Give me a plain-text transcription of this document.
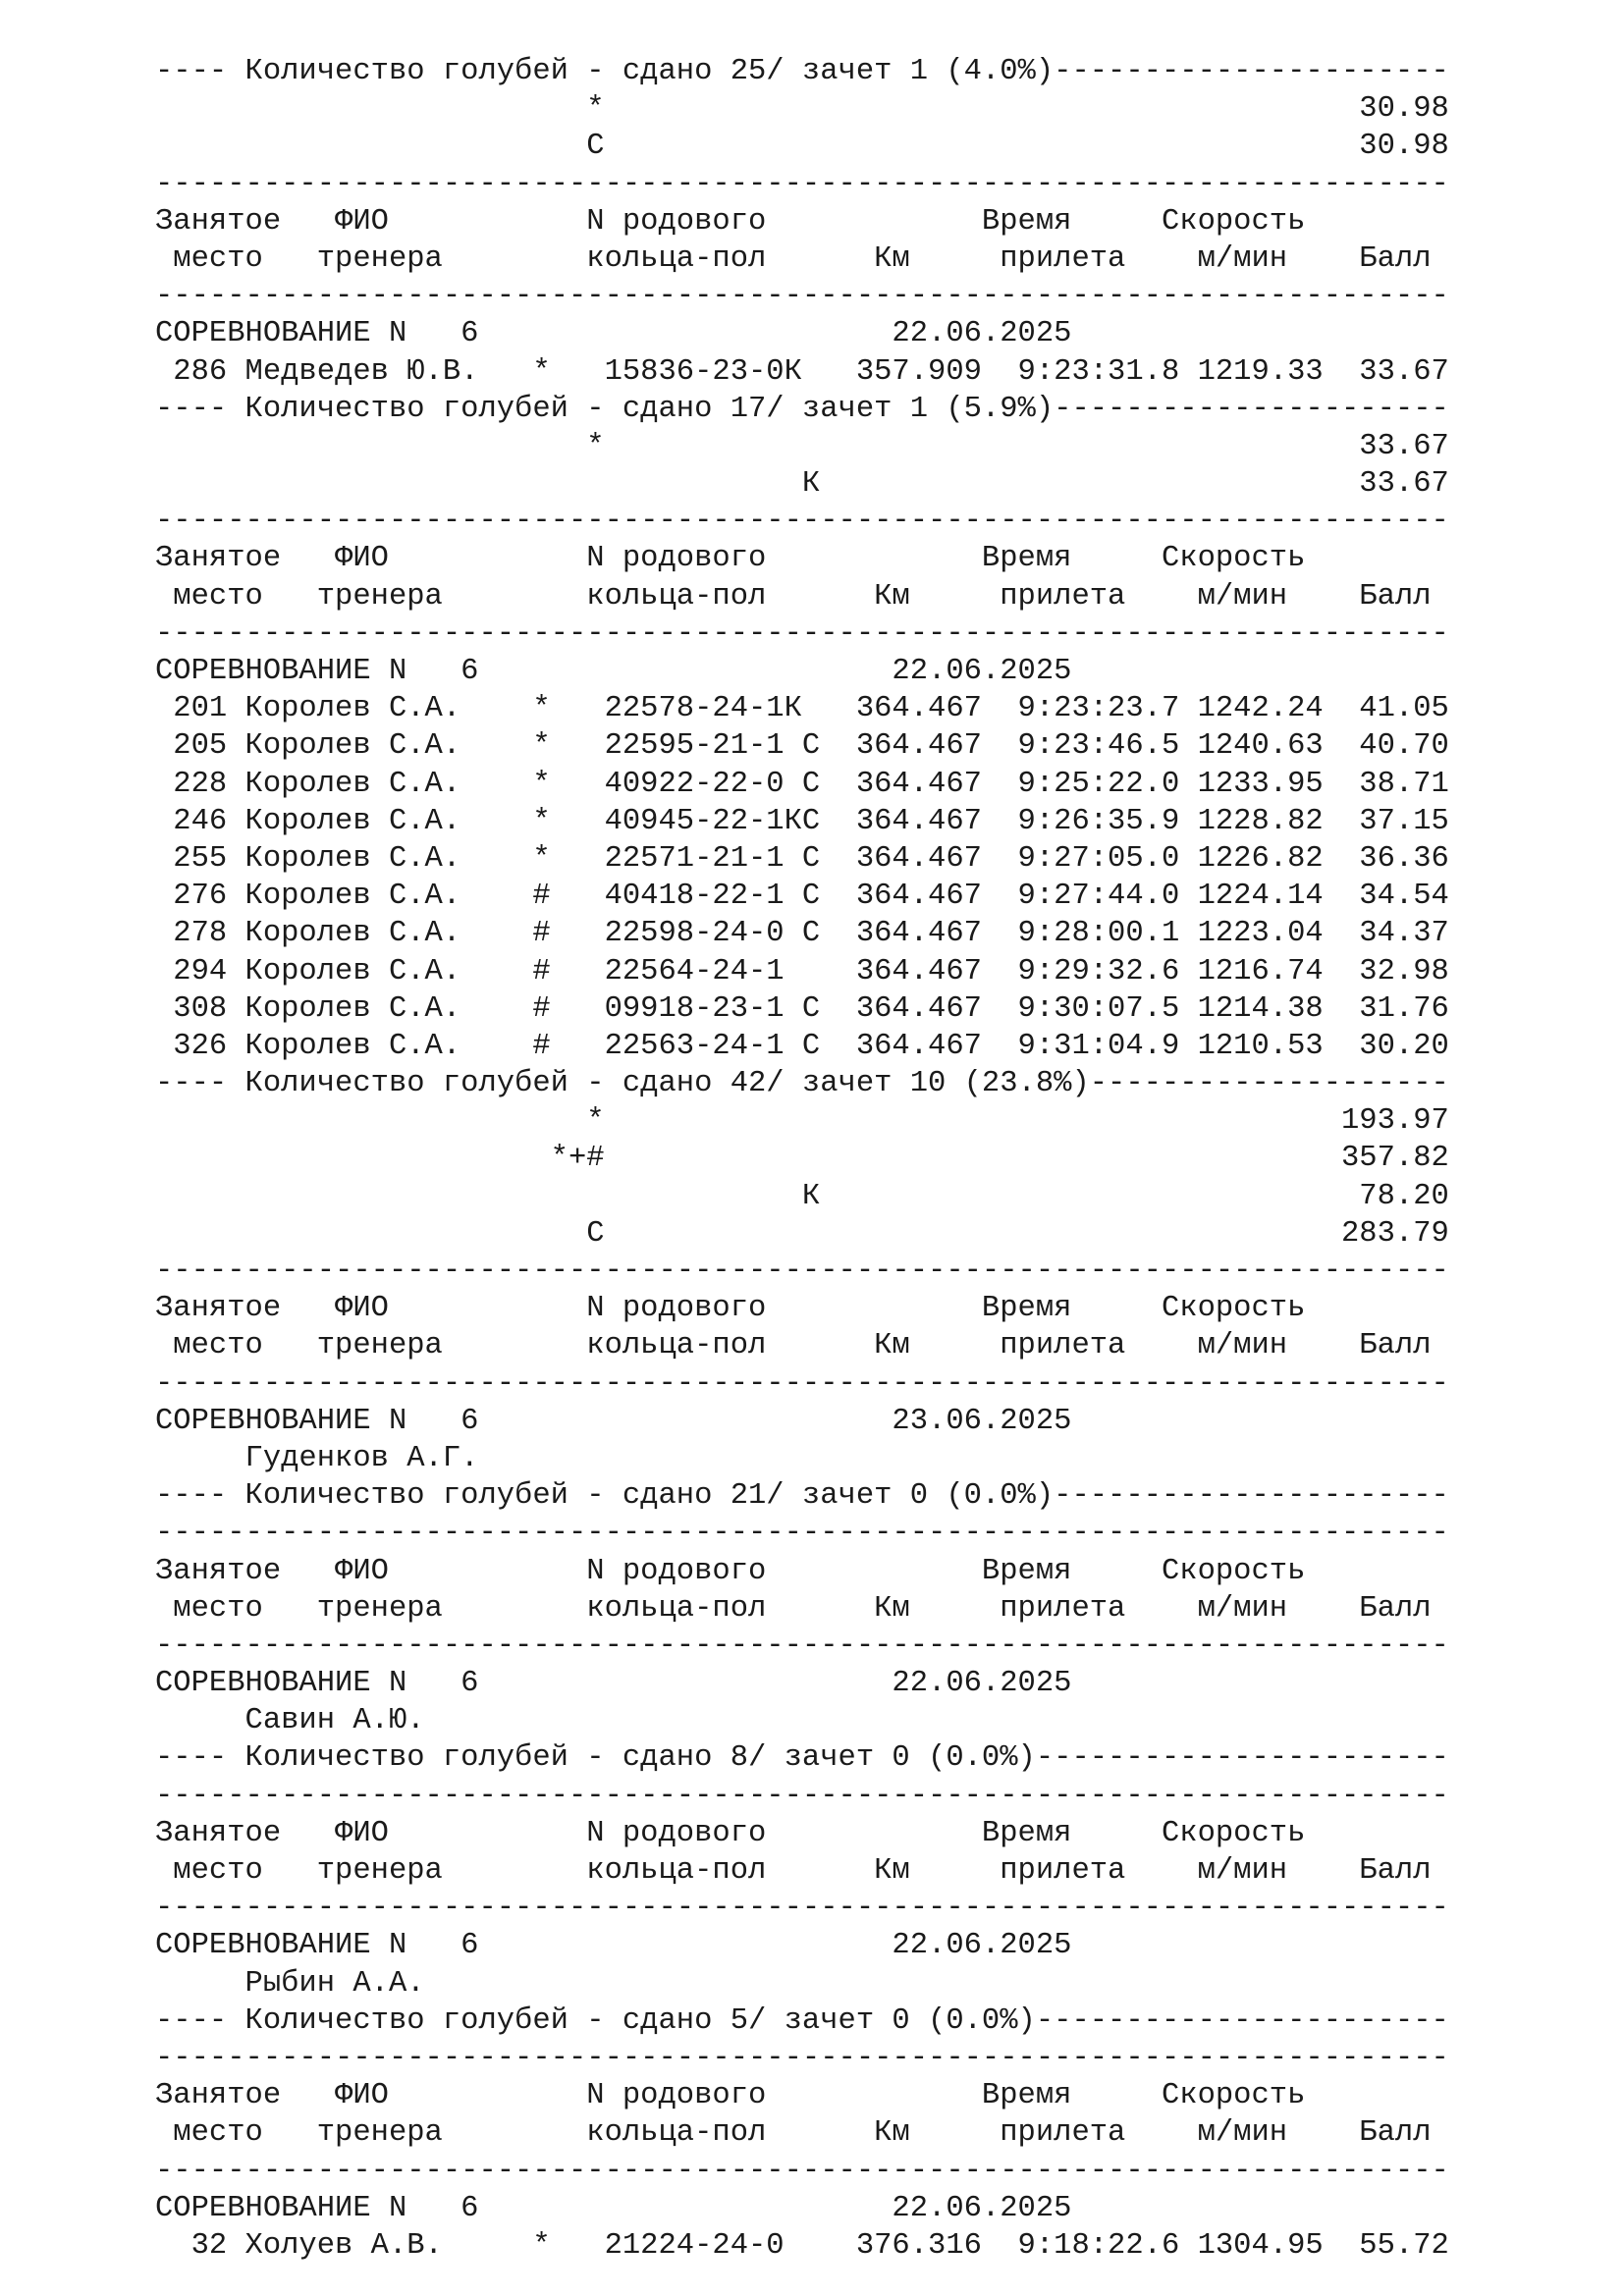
---- Количество голубей - сдано 25/ зачет 1 (4.0%)----------------------
*                                          30.98
С                                          30.98
------------------------------------------------------------------------
Занятое   ФИО           N родового            Время     Скорость
место   тренера        кольца-пол      Км     прилета    м/мин    Балл
------------------------------------------------------------------------
СОРЕВНОВАНИЕ N   6                       22.06.2025
286 Медведев Ю.В.   *   15836-23-0К   357.909  9:23:31.8 1219.33  33.67
---- Количество голубей - сдано 17/ зачет 1 (5.9%)----------------------
*                                          33.67
К                              33.67
------------------------------------------------------------------------
Занятое   ФИО           N родового            Время     Скорость
место   тренера        кольца-пол      Км     прилета    м/мин    Балл
------------------------------------------------------------------------
СОРЕВНОВАНИЕ N   6                       22.06.2025
201 Королев С.А.    *   22578-24-1К   364.467  9:23:23.7 1242.24  41.05
205 Королев С.А.    *   22595-21-1 С  364.467  9:23:46.5 1240.63  40.70
228 Королев С.А.    *   40922-22-0 С  364.467  9:25:22.0 1233.95  38.71
246 Королев С.А.    *   40945-22-1КС  364.467  9:26:35.9 1228.82  37.15
255 Королев С.А.    *   22571-21-1 С  364.467  9:27:05.0 1226.82  36.36
276 Королев С.А.    #   40418-22-1 С  364.467  9:27:44.0 1224.14  34.54
278 Королев С.А.    #   22598-24-0 С  364.467  9:28:00.1 1223.04  34.37
294 Королев С.А.    #   22564-24-1    364.467  9:29:32.6 1216.74  32.98
308 Королев С.А.    #   09918-23-1 С  364.467  9:30:07.5 1214.38  31.76
326 Королев С.А.    #   22563-24-1 С  364.467  9:31:04.9 1210.53  30.20
---- Количество голубей - сдано 42/ зачет 10 (23.8%)--------------------
*                                         193.97
*+#                                         357.82
К                              78.20
С                                         283.79
------------------------------------------------------------------------
Занятое   ФИО           N родового            Время     Скорость
место   тренера        кольца-пол      Км     прилета    м/мин    Балл
------------------------------------------------------------------------
СОРЕВНОВАНИЕ N   6                       23.06.2025
Гуденков А.Г.
---- Количество голубей - сдано 21/ зачет 0 (0.0%)----------------------
------------------------------------------------------------------------
Занятое   ФИО           N родового            Время     Скорость
место   тренера        кольца-пол      Км     прилета    м/мин    Балл
------------------------------------------------------------------------
СОРЕВНОВАНИЕ N   6                       22.06.2025
Савин А.Ю.
---- Количество голубей - сдано 8/ зачет 0 (0.0%)-----------------------
------------------------------------------------------------------------
Занятое   ФИО           N родового            Время     Скорость
место   тренера        кольца-пол      Км     прилета    м/мин    Балл
------------------------------------------------------------------------
СОРЕВНОВАНИЕ N   6                       22.06.2025
Рыбин А.А.
---- Количество голубей - сдано 5/ зачет 0 (0.0%)-----------------------
------------------------------------------------------------------------
Занятое   ФИО           N родового            Время     Скорость
место   тренера        кольца-пол      Км     прилета    м/мин    Балл
------------------------------------------------------------------------
СОРЕВНОВАНИЕ N   6                       22.06.2025
32 Холуев А.В.     *   21224-24-0    376.316  9:18:22.6 1304.95  55.72
